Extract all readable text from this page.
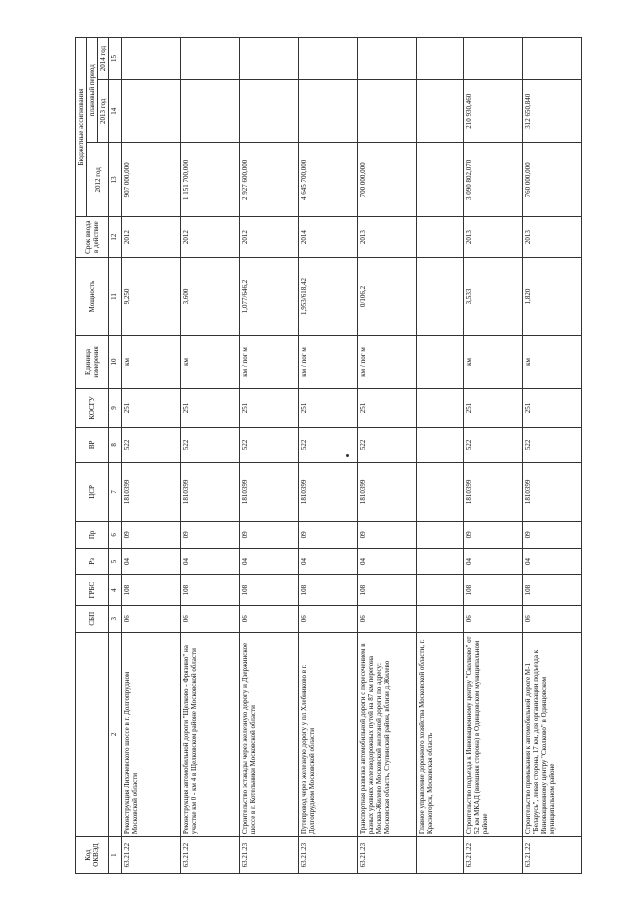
Код ОКВЭД		СБП	ГРБС	Рз	Пр	ЦСР	ВР	КОСГУ	Единица измерения	Мощность	Срок ввода в действие	Бюджетные ассигнования		
												2012 год	плановый период	
													2013 год	2014 год
1	2	3	4	5	6	7	8	9	10	11	12	13	14	15
63.21.22	Реконструкция Лихачевского шоссе в г. Долгопрудном Московской области	06	108	04	09	1810399	522	251	км	9,250	2012	907 000,000		
63.21.22	Реконструкция автомобильной дороги "Щелково - Фрязино" на участке км 0 - км 4 в Щелковском районе Московской области	06	108	04	09	1810399	522	251	км	3,600	2012	1 151 700,000		
63.21.23	Строительство эстакады через железную дорогу и Дзержинское шоссе в г. Котельники Московской области	06	108	04	09	1810399	522	251	км / пог м	1,077/646,2	2012	2 927 600,000		
63.21.23	Путепровод через железную дорогу у пл Хлебниково в г. Долгопрудном Московской области	06	108	04	09	1810399	522	251	км / пог м	1,953/618,42	2014	4 645 700,000		
63.21.23	Транспортная развязка автомобильной дороги с пересечением в разных уровнях железнодорожных путей на 87 км перегона Москва-Жилево Московской железной дороги по адресу: Московская область, Ступинский район, вблизи д.Жилево	06	108	04	09	1810399	522	251	км / пог м	0/106,2	2013	700 000,000		
	Главное управление дорожного хозяйства Московской области, г. Красногорск, Московская область													
63.21.22	Строительство подъезда к Инновационному центру "Сколково" от 52 км МКАД (внешняя сторона) в Одинцовском муниципальном районе	06	108	04	09	1810399	522	251	км	3,533	2013	3 090 802,070	210 930,460	
63.21.22	Строительство примыкания к автомобильной дороге М-1 "Беларусь", левая сторона, 17 км, для организации подъезда к Инновационному центру "Сколково" в Одинцовском муниципальном районе	06	108	04	09	1810399	522	251	км	1,820	2013	760 000,000	312 650,840	
